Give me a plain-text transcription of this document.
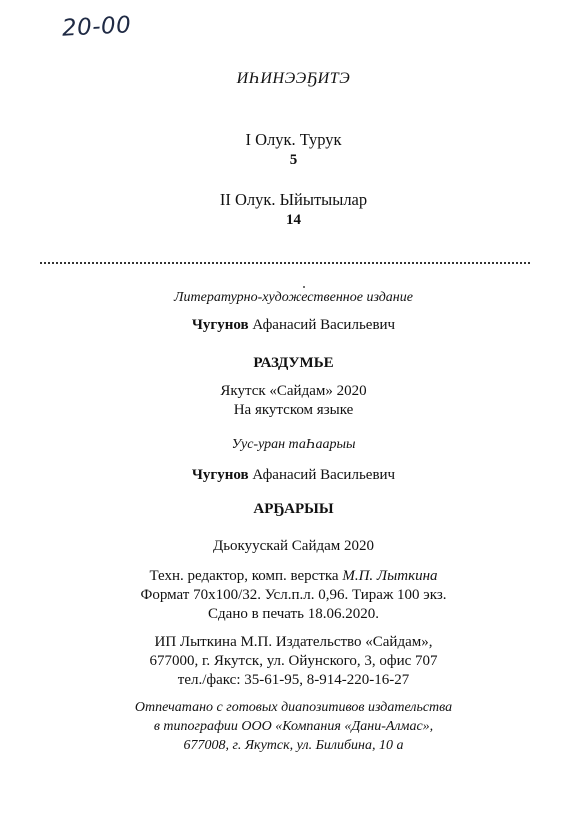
20-00
ИҺИНЭЭҔИТЭ
I Олук. Турук
5
II Олук. Ыйытыылар
14
Литературно-художественное издание
Чугунов Афанасий Васильевич
РАЗДУМЬЕ
Якутск «Сайдам» 2020
На якутском языке
Уус-уран таҺаарыы
Чугунов Афанасий Васильевич
АРҔАРЫЫ
Дьокуускай Сайдам 2020
Техн. редактор, комп. верстка М.П. Лыткина
Формат 70х100/32. Усл.п.л. 0,96. Тираж 100 экз.
Сдано в печать 18.06.2020.
ИП Лыткина М.П. Издательство «Сайдам»,
677000, г. Якутск, ул. Ойунского, 3, офис 707
тел./факс: 35-61-95, 8-914-220-16-27
Отпечатано с готовых диапозитивов издательства
в типографии ООО «Компания «Дани-Алмас»,
677008, г. Якутск, ул. Билибина, 10 а
